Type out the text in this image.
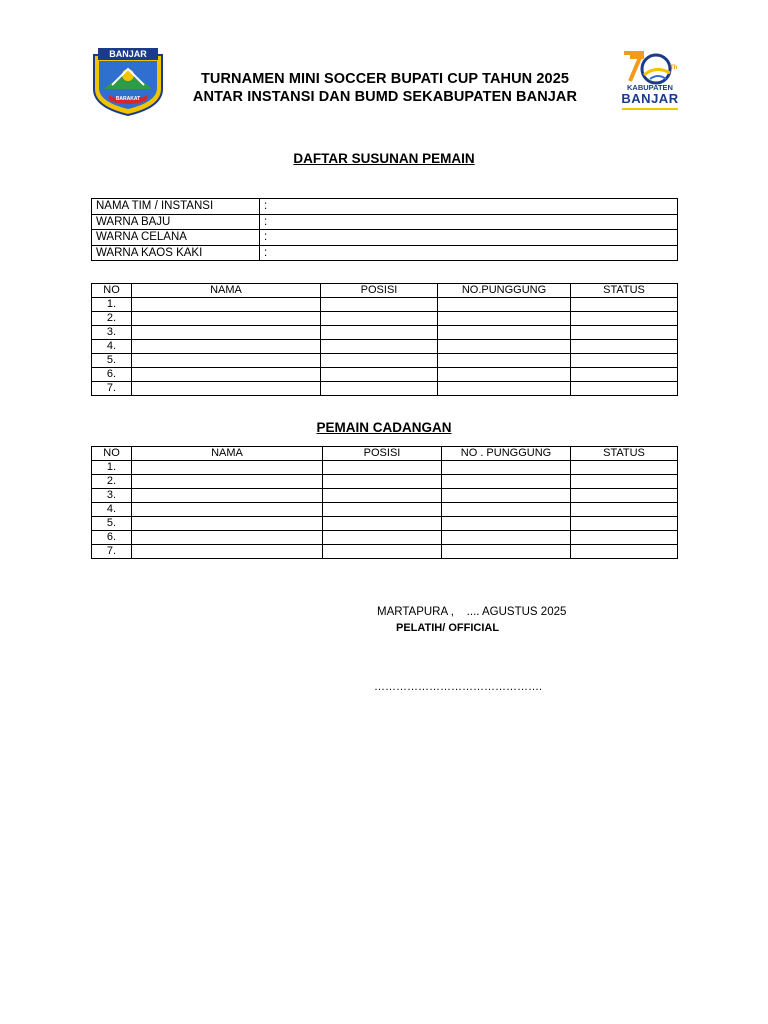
BANJAR
BARAKAT
TURNAMEN MINI SOCCER BUPATI CUP TAHUN 2025
ANTAR INSTANSI DAN BUMD SEKABUPATEN BANJAR
Th
KABUPATEN
BANJAR
DAFTAR SUSUNAN PEMAIN
NAMA TIM / INSTANSI	:
WARNA BAJU	:
WARNA CELANA	:
WARNA KAOS KAKI	:
NO	NAMA	POSISI	NO.PUNGGUNG	STATUS
1.				
2.				
3.				
4.				
5.				
6.				
7.				
PEMAIN CADANGAN
NO	NAMA	POSISI	NO . PUNGGUNG	STATUS
1.				
2.				
3.				
4.				
5.				
6.				
7.				
MARTAPURA ,    .... AGUSTUS 2025
PELATIH/ OFFICIAL
……………………………………….
